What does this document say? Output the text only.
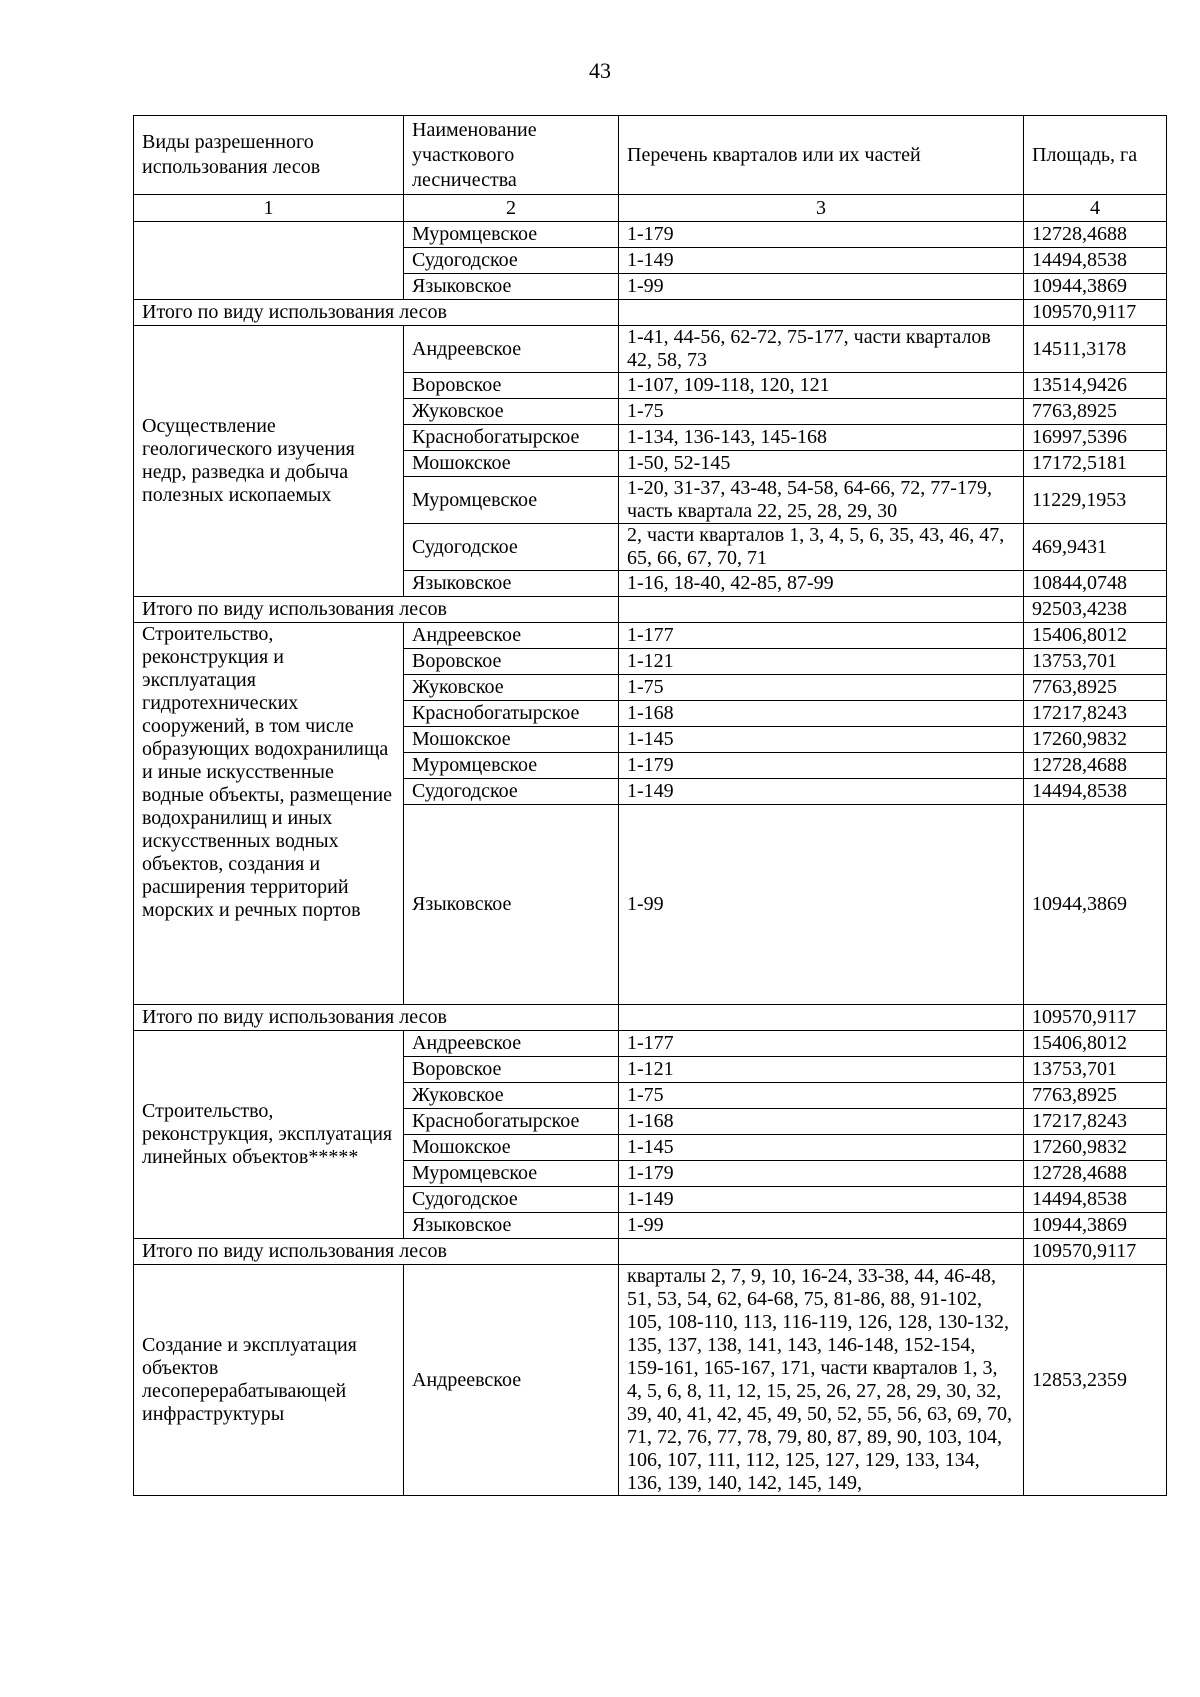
43
Виды разрешенного использования лесов	Наименование участкового лесничества	Перечень кварталов или их частей	Площадь, га
1	2	3	4
	Муромцевское	1-179	12728,4688
	Судогодское	1-149	14494,8538
	Языковское	1-99	10944,3869
Итого по виду использования лесов			109570,9117
Осуществление геологического изучения недр, разведка и добыча полезных ископаемых	Андреевское	1-41, 44-56, 62-72, 75-177, части кварталов 42, 58, 73	14511,3178
	Воровское	1-107, 109-118, 120, 121	13514,9426
	Жуковское	1-75	7763,8925
	Краснобогатырское	1-134, 136-143, 145-168	16997,5396
	Мошокское	1-50, 52-145	17172,5181
	Муромцевское	1-20, 31-37, 43-48, 54-58, 64-66, 72, 77-179, часть квартала 22, 25, 28, 29, 30	11229,1953
	Судогодское	2, части кварталов 1, 3, 4, 5, 6, 35, 43, 46, 47, 65, 66, 67, 70, 71	469,9431
	Языковское	1-16, 18-40, 42-85, 87-99	10844,0748
Итого по виду использования лесов			92503,4238
Строительство, реконструкция и эксплуатация гидротехнических сооружений, в том числе образующих водохранилища и иные искусственные водные объекты, размещение водохранилищ и иных искусственных водных объектов, создания и расширения территорий морских и речных портов	Андреевское	1-177	15406,8012
	Воровское	1-121	13753,701
	Жуковское	1-75	7763,8925
	Краснобогатырское	1-168	17217,8243
	Мошокское	1-145	17260,9832
	Муромцевское	1-179	12728,4688
	Судогодское	1-149	14494,8538
	Языковское	1-99	10944,3869
Итого по виду использования лесов			109570,9117
Строительство, реконструкция, эксплуатация линейных объектов*****	Андреевское	1-177	15406,8012
	Воровское	1-121	13753,701
	Жуковское	1-75	7763,8925
	Краснобогатырское	1-168	17217,8243
	Мошокское	1-145	17260,9832
	Муромцевское	1-179	12728,4688
	Судогодское	1-149	14494,8538
	Языковское	1-99	10944,3869
Итого по виду использования лесов			109570,9117
Создание и эксплуатация объектов лесоперерабатывающей инфраструктуры	Андреевское	кварталы 2, 7, 9, 10, 16-24, 33-38, 44, 46-48, 51, 53, 54, 62, 64-68, 75, 81-86, 88, 91-102, 105, 108-110, 113, 116-119, 126, 128, 130-132, 135, 137, 138, 141, 143, 146-148, 152-154, 159-161, 165-167, 171, части кварталов 1, 3, 4, 5, 6, 8, 11, 12, 15, 25, 26, 27, 28, 29, 30, 32, 39, 40, 41, 42, 45, 49, 50, 52, 55, 56, 63, 69, 70, 71, 72, 76, 77, 78, 79, 80, 87, 89, 90, 103, 104, 106, 107, 111, 112, 125, 127, 129, 133, 134, 136, 139, 140, 142, 145, 149,	12853,2359
